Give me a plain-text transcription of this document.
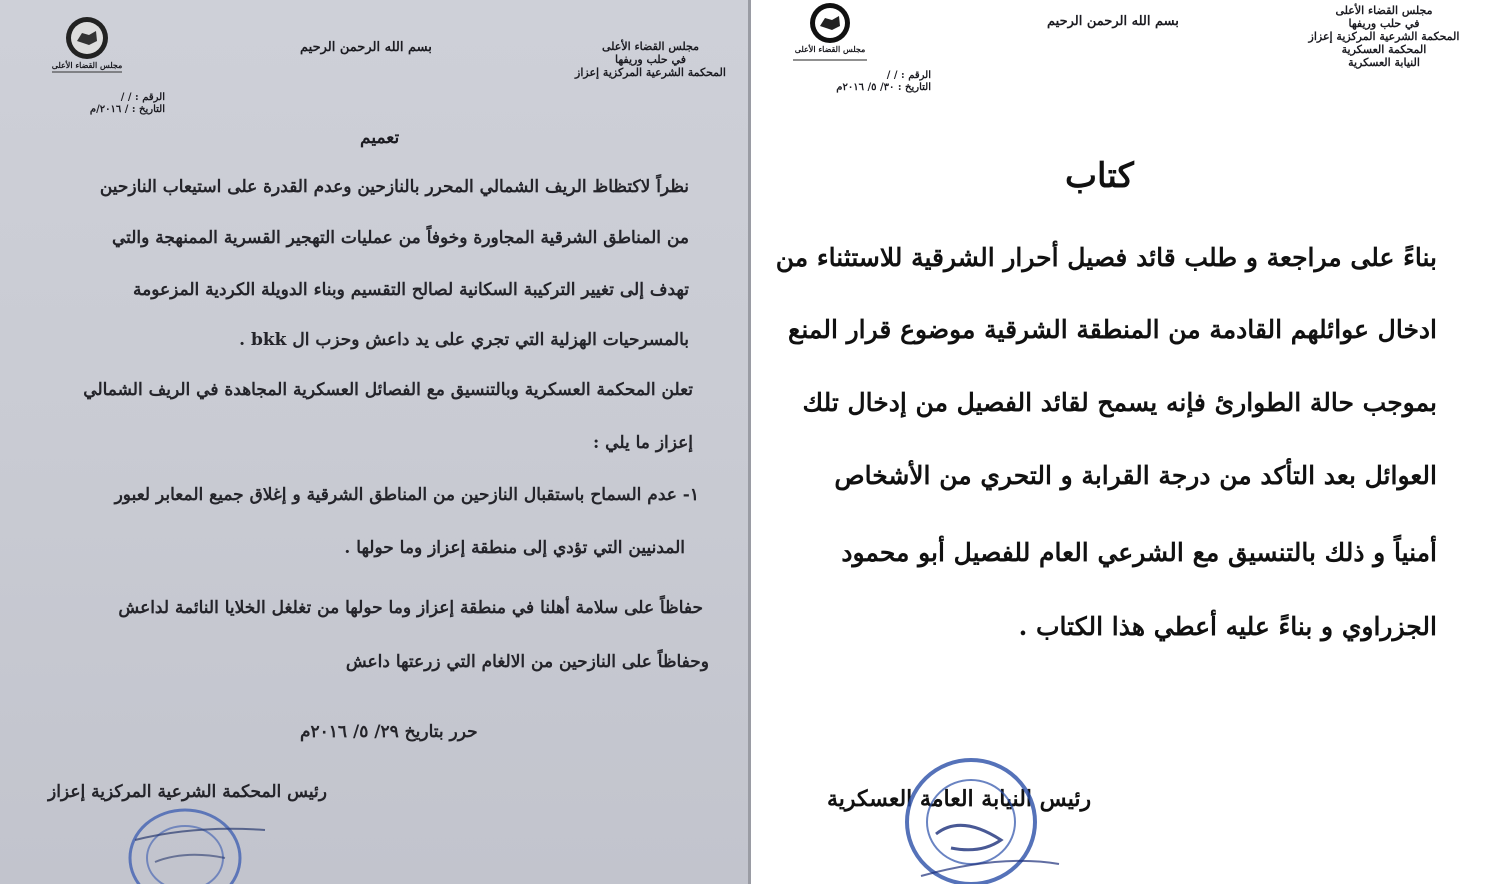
مجلس القضاء الأعلى
بسم الله الرحمن الرحيم	مجلس القضاء الأعلى
في حلب وريفها
المحكمة الشرعية المركزية إعزاز
الرقم : / /
التاريخ : / ٢٠١٦/م
تعميم
نظراً لاكتظاظ الريف الشمالي المحرر بالنازحين وعدم القدرة على استيعاب النازحين
من المناطق الشرقية المجاورة وخوفاً من عمليات التهجير القسرية الممنهجة والتي
تهدف إلى تغيير التركيبة السكانية لصالح التقسيم وبناء الدويلة الكردية المزعومة
بالمسرحيات الهزلية التي تجري على يد داعش وحزب ال bkk .
تعلن المحكمة العسكرية وبالتنسيق مع الفصائل العسكرية المجاهدة في الريف الشمالي
إعزاز ما يلي :
١- عدم السماح باستقبال النازحين من المناطق الشرقية و إغلاق جميع المعابر لعبور
المدنيين التي تؤدي إلى منطقة إعزاز وما حولها .
حفاظاً على سلامة أهلنا في منطقة إعزاز وما حولها من تغلغل الخلايا النائمة لداعش
وحفاظاً على النازحين من الالغام التي زرعتها داعش
حرر بتاريخ ٢٩/ ٥/ ٢٠١٦م
رئيس المحكمة الشرعية المركزية إعزاز
مجلس القضاء الأعلى
بسم الله الرحمن الرحيم
مجلس القضاء الأعلى
في حلب وريفها
المحكمة الشرعية المركزية إعزاز
المحكمة العسكرية
النيابة العسكرية
الرقم : / /
التاريخ : ٣٠/ ٥/ ٢٠١٦م
كتاب
بناءً على مراجعة و طلب قائد فصيل أحرار الشرقية للاستثناء من
ادخال عوائلهم القادمة من المنطقة الشرقية موضوع قرار المنع
بموجب حالة الطوارئ فإنه يسمح لقائد الفصيل من إدخال تلك
العوائل بعد التأكد من درجة القرابة و التحري من الأشخاص
أمنياً و ذلك بالتنسيق مع الشرعي العام للفصيل أبو محمود
الجزراوي و بناءً عليه أعطي هذا الكتاب .
رئيس النيابة العامة العسكرية
